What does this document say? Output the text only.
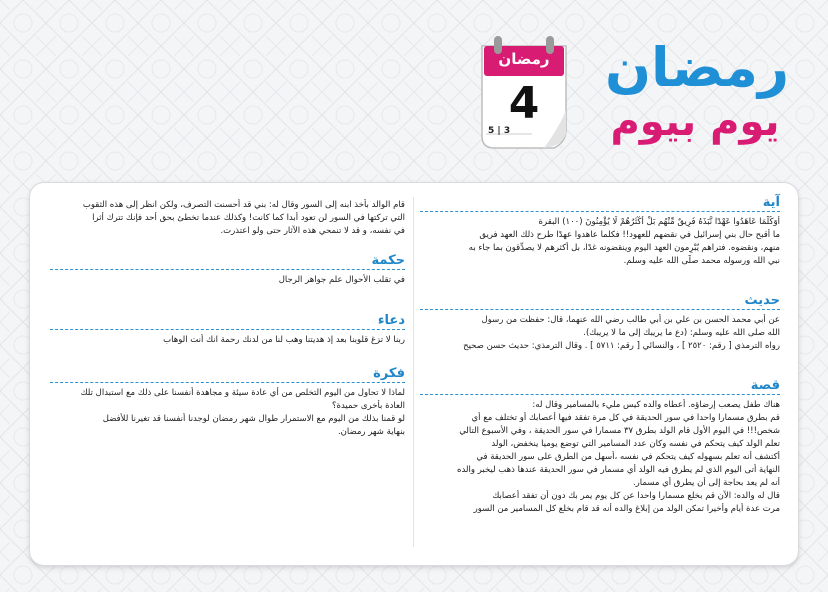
رمضان
4
5 | 3
رمضان
يوم بيوم
آية
أَوَكُلَّمَا عَاهَدُوا عَهْدًا نَّبَذَهُ فَرِيقٌ مِّنْهُم بَلْ أَكْثَرُهُمْ لَا يُؤْمِنُونَ (١٠٠) البقرة
ما أقبح حال بني إسرائيل في نقضهم للعهود!! فكلما عاهدوا عهدًا طرح ذلك العهد فريق
منهم، ونقضوه. فتراهم يُبْرِمون العهد اليوم وينقضونه غدًا، بل أكثرهم لا يصدِّقون بما جاء به
نبي الله ورسوله محمد صلَّى الله عليه وسلم.
حديث
عن أبي محمد الحسن بن علي بن أبي طالب رضي الله عنهما، قال: حفظت من رسول
الله صلى الله عليه وسلم: (دع ما يريبك إلى ما لا يريبك).
رواه الترمذي [ رقم: ٢٥٢٠ ] ، والنسائي [ رقم: ٥٧١١ ] . وقال الترمذي: حديث حسن صحيح
قصة
هناك طفل يصعب إرضاؤه. أعطاه والده كيس مليء بالمسامير وقال له:
قم بطرق مسمارا واحدا في سور الحديقة في كل مرة تفقد فيها أعصابك أو تختلف مع أي
شخص!!! في اليوم الأول قام الولد بطرق ٣٧ مسمارا في سور الحديقة ، وفي الأسبوع التالي
تعلم الولد كيف يتحكم في نفسه وكان عدد المسامير التي توضع يوميا ينخفض، الولد
أكتشف أنه تعلم بسهوله كيف يتحكم في نفسه ،أسهل من الطرق على سور الحديقة في
النهاية أتى اليوم الذي لم يطرق فيه الولد أي مسمار في سور الحديقة عندها ذهب ليخبر والده
أنه لم يعد بحاجة إلى أن يطرق أي مسمار.
قال له والده: الآن قم بخلع مسمارا واحدا عن كل يوم يمر بك دون أن تفقد أعصابك
مرت عدة أيام وأخيرا تمكن الولد من إبلاغ والده أنه قد قام بخلع كل المسامير من السور
قام الوالد بأخذ ابنه إلى السور وقال له: بني قد أحسنت التصرف، ولكن انظر إلى هذه الثقوب
التي تركتها في السور لن تعود أبدا كما كانت! وكذلك عندما تخطئ بحق أحد فإنك تترك أثرا
في نفسه، و قد لا تنمحي هذه الآثار حتى ولو اعتذرت.
حكمة
في تقلب الأحوال علم جواهر الرجال
دعاء
ربنا لا تزغ قلوبنا بعد إذ هديتنا وهب لنا من لدنك رحمة انك أنت الوهاب
فكرة
لماذا لا تحاول من اليوم التخلص من أي عادة سيئة و مجاهدة أنفسنا على ذلك مع استبدال تلك
العادة بأخرى حميدة؟
لو قمنا بذلك من اليوم مع الاستمرار طوال شهر رمضان لوجدنا أنفسنا قد تغيرنا للأفضل
بنهاية شهر رمضان.
